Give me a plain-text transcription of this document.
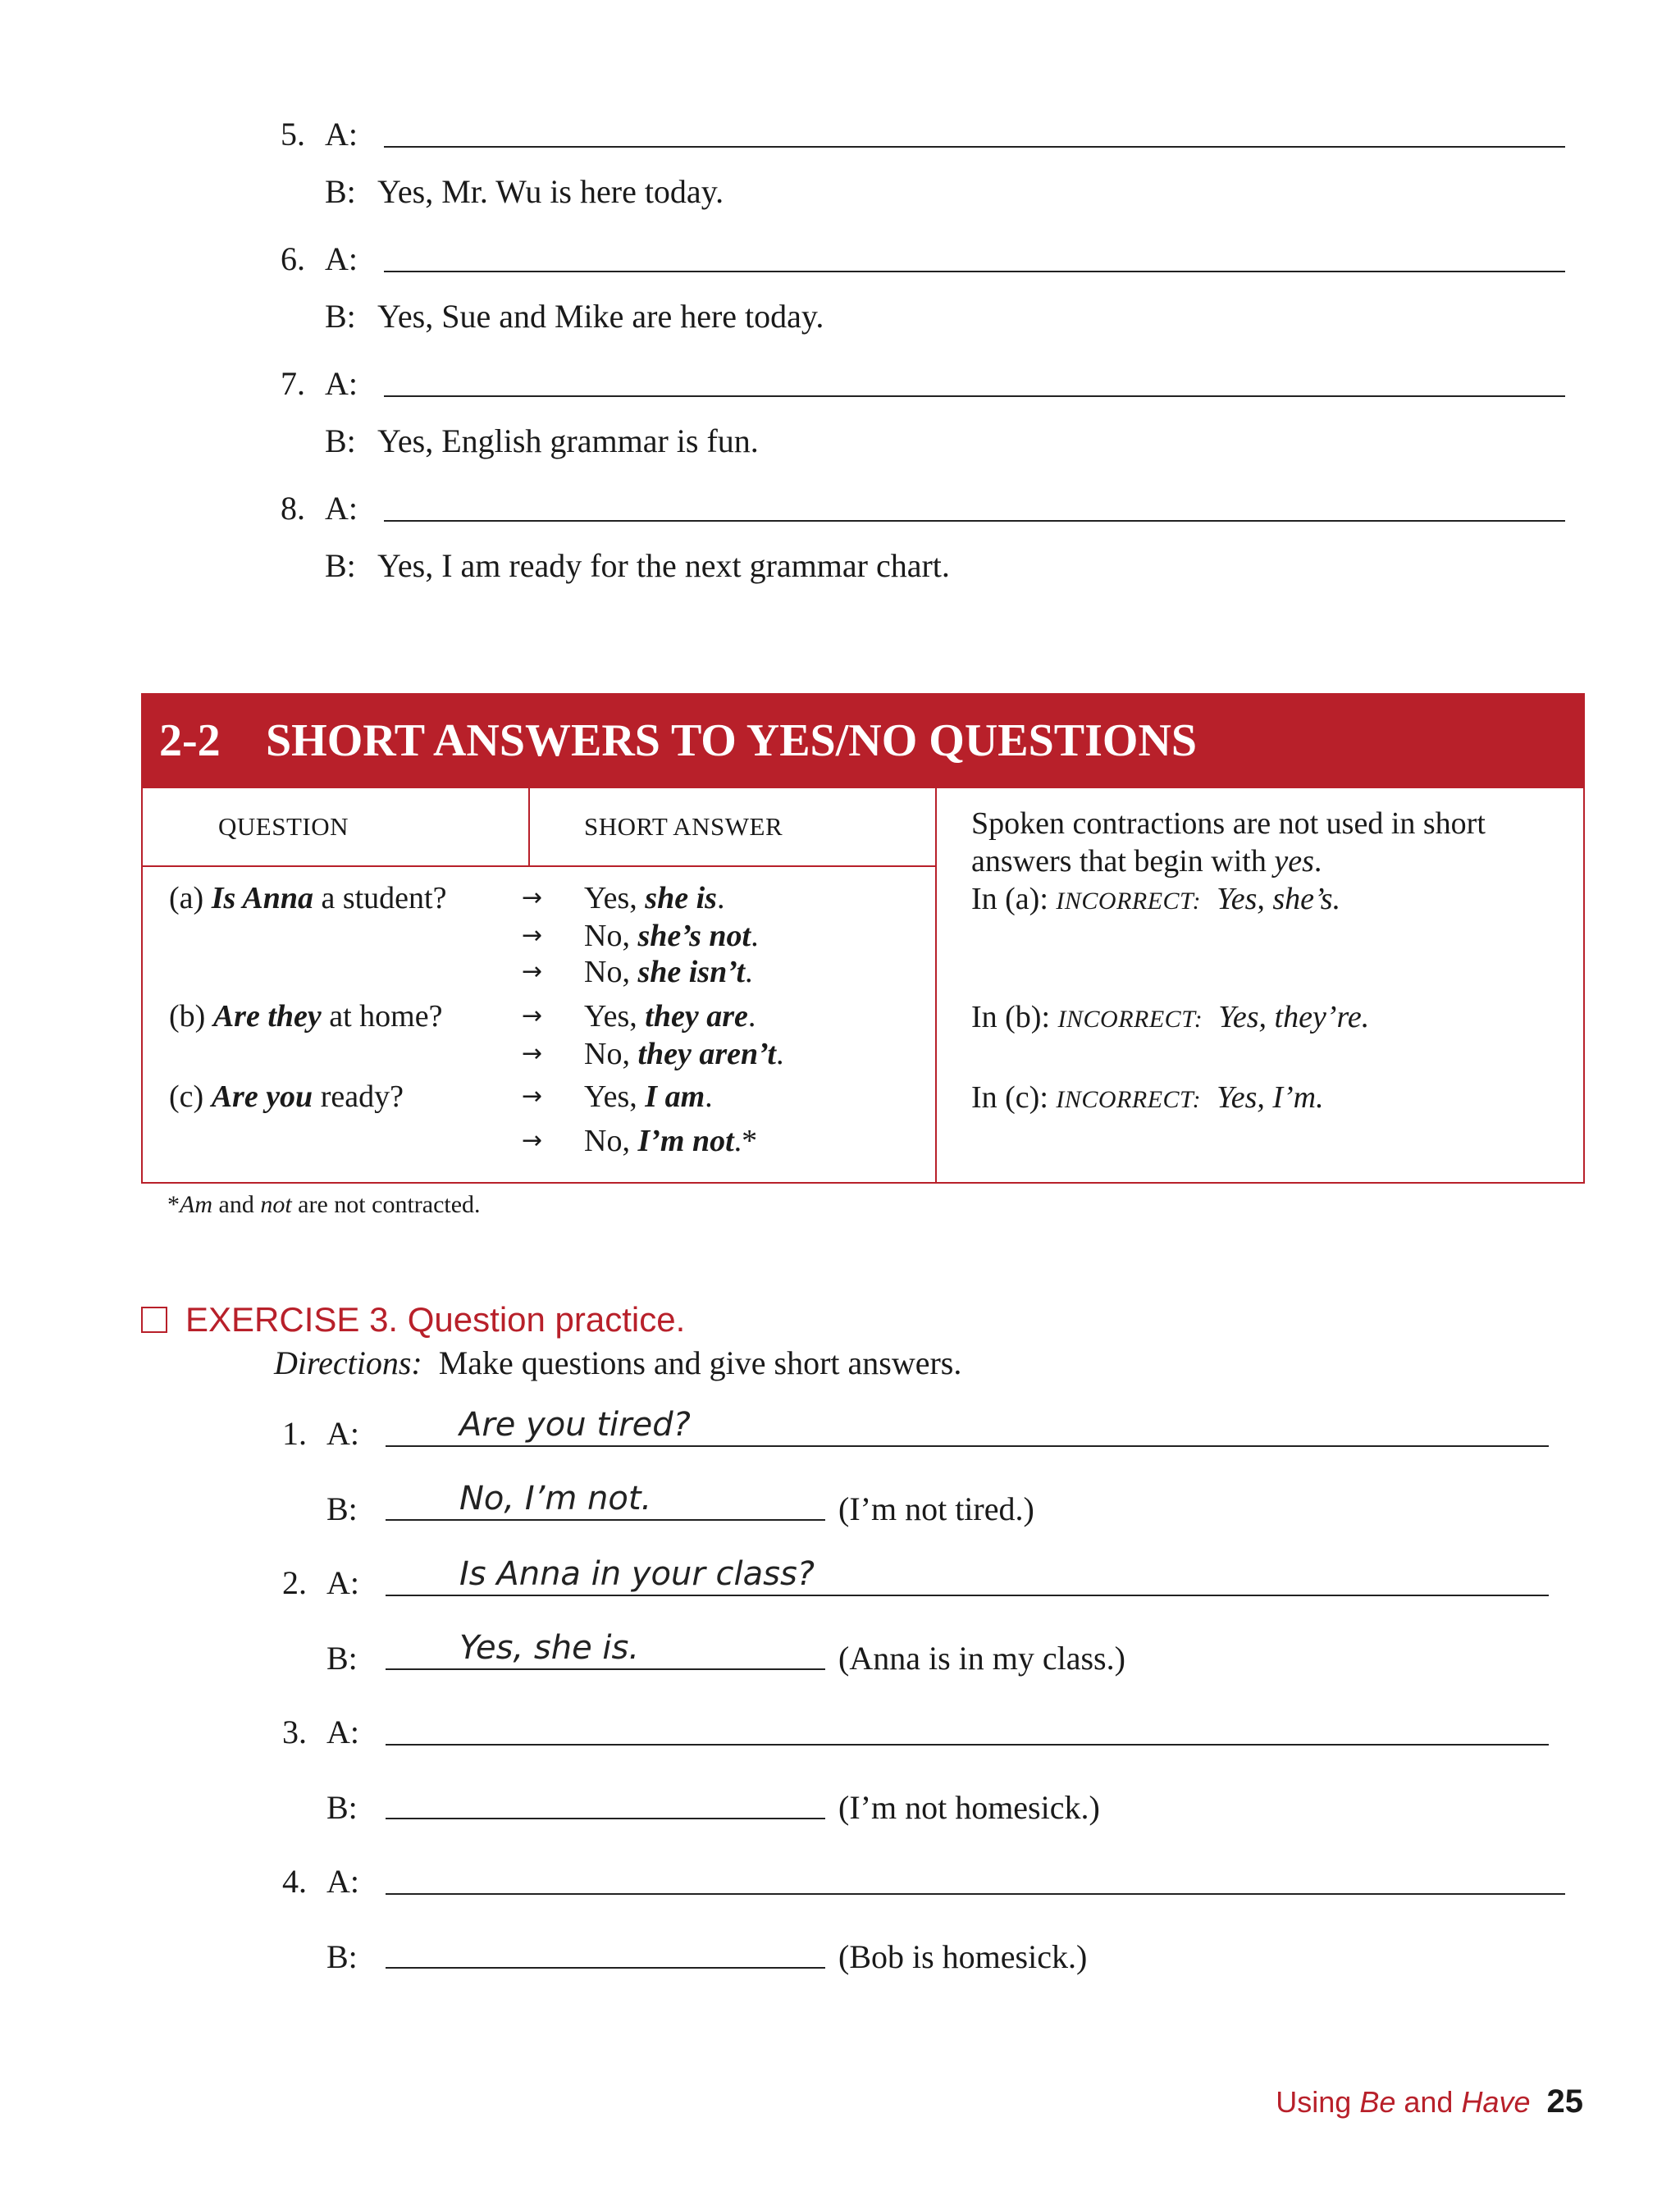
5. A:
B: Yes, Mr. Wu is here today.
6. A:
B: Yes, Sue and Mike are here today.
7. A:
B: Yes, English grammar is fun.
8. A:
B: Yes, I am ready for the next grammar chart.
2-2 SHORT ANSWERS TO YES/NO QUESTIONS
QUESTION	SHORT ANSWER
(a) Is Anna a student?	→ Yes, she is.
→ No, she’s not.
→ No, she isn’t.
(b) Are they at home?	→ Yes, they are.
→ No, they aren’t.
(c) Are you ready?	→ Yes, I am.
→ No, I’m not.*
Spoken contractions are not used in short
answers that begin with yes.
In (a): INCORRECT: Yes, she’s.
In (b): INCORRECT: Yes, they’re.
In (c): INCORRECT: Yes, I’m.
*Am and not are not contracted.
EXERCISE 3. Question practice.
Directions: Make questions and give short answers.
1. A:	Are you tired?
B:	No, I’m not.	(I’m not tired.)
2. A:	Is Anna in your class?
B:	Yes, she is.	(Anna is in my class.)
3. A:
B:	(I’m not homesick.)
4. A:
B:	(Bob is homesick.)
Using Be and Have 25
